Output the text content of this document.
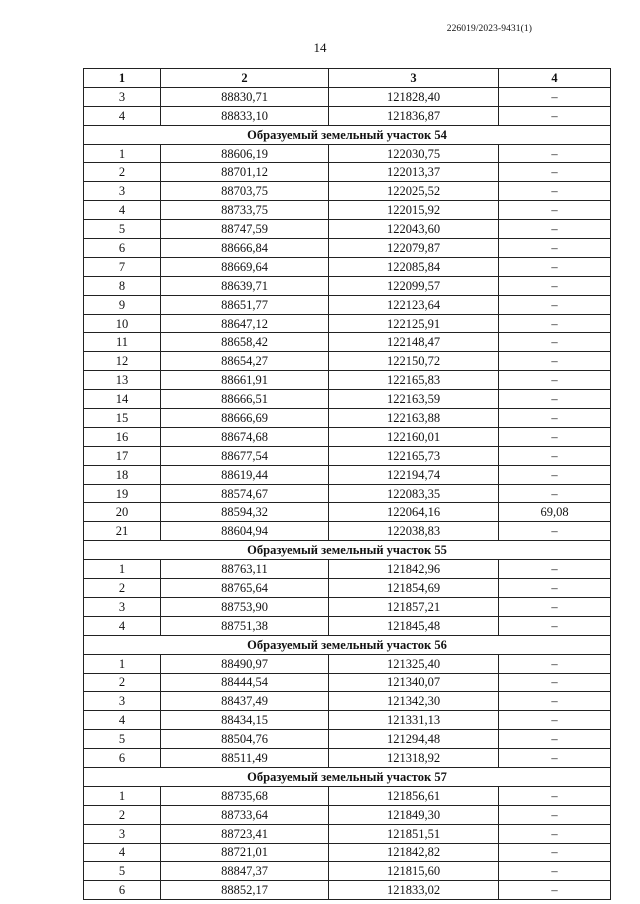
226019/2023-9431(1)
14
1	2	3	4
3	88830,71	121828,40	–
4	88833,10	121836,87	–
Образуемый земельный участок 54			
1	88606,19	122030,75	–
2	88701,12	122013,37	–
3	88703,75	122025,52	–
4	88733,75	122015,92	–
5	88747,59	122043,60	–
6	88666,84	122079,87	–
7	88669,64	122085,84	–
8	88639,71	122099,57	–
9	88651,77	122123,64	–
10	88647,12	122125,91	–
11	88658,42	122148,47	–
12	88654,27	122150,72	–
13	88661,91	122165,83	–
14	88666,51	122163,59	–
15	88666,69	122163,88	–
16	88674,68	122160,01	–
17	88677,54	122165,73	–
18	88619,44	122194,74	–
19	88574,67	122083,35	–
20	88594,32	122064,16	69,08
21	88604,94	122038,83	–
Образуемый земельный участок 55			
1	88763,11	121842,96	–
2	88765,64	121854,69	–
3	88753,90	121857,21	–
4	88751,38	121845,48	–
Образуемый земельный участок 56			
1	88490,97	121325,40	–
2	88444,54	121340,07	–
3	88437,49	121342,30	–
4	88434,15	121331,13	–
5	88504,76	121294,48	–
6	88511,49	121318,92	–
Образуемый земельный участок 57			
1	88735,68	121856,61	–
2	88733,64	121849,30	–
3	88723,41	121851,51	–
4	88721,01	121842,82	–
5	88847,37	121815,60	–
6	88852,17	121833,02	–
